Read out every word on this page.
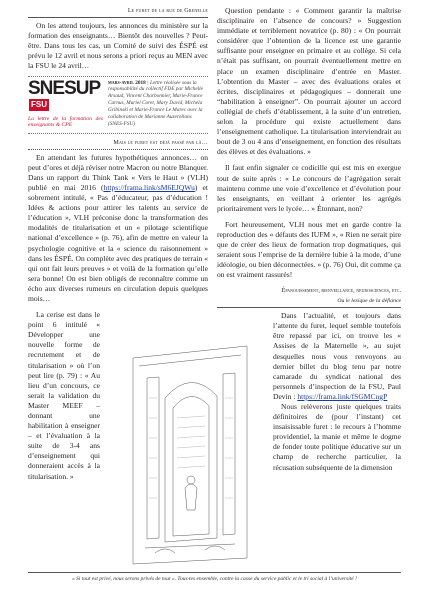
Le furet de la rue de Grenelle

On les attend toujours, les annonces du ministère sur la formation des enseignants… Bientôt des nouvelles ? Peut-être. Dans tous les cas, un Comité de suivi des ÉSPÉ est prévu le 12 avril et nous serons a priori reçus au MEN avec la FSU le 24 avril…

SNESUPFSU
La lettre de la formation des enseignants & CPE
mars-avril 2018 | Lettre réalisée sous la responsabilité du collectif FDE par Michelle Arsaud, Vincent Charbonnier, Marie-France Carnus, Muriel Coret, Mary David, Michela Gribinski et Marie-France Le Marec avec la collaboration de Marianne Auzerollans (SNES-FSU)
Mais le furet est déjà passé par là…

En attendant les futures hypothétiques annonces… on peut d’ores et déjà réviser notre Macron ou notre Blanquer. Dans un rapport du Think Tank « Vers le Haut » (VLH) publié en mai 2016 (https://frama.link/sM6EJQWu) et sobrement intitulé, « Pas d’éducateur, pas d’éducation ! Idées & actions pour attirer les talents au service de l’éducation », VLH préconise donc la transformation des modalités de titularisation et un « pilotage scientifique national d’excellence » (p. 76), afin de mettre en valeur la psychologie cognitive et la « science du raisonnement » dans les ÉSPÉ. On complète avec des pratiques de terrain « qui ont fait leurs preuves » et voilà de la formation qu’elle sera bonne! On est bien obligés de reconnaître comme un écho aux diverses rumeurs en circulation depuis quelques mois…

La cerise est dans le point 6 intitulé « Développer une nouvelle forme de recrutement et de titularisation » où l’on peut lire (p. 79) : « Au lieu d’un concours, ce serait la validation du Master MEEF – donnant une habilitation à enseigner – et l’évaluation à la suite de 3-4 ans d’enseignement qui donneraient accès à la titularisation. »

Question pendante : « Comment garantir la maîtrise disciplinaire en l’absence de concours? » Suggestion immédiate et terriblement novatrice (p. 80) : « On pourrait considérer que l’obtention de la licence est une garantie suffisante pour enseigner en primaire et au collège. Si cela n’était pas suffisant, on pourrait éventuellement mettre en place un examen disciplinaire d’entrée en Master. L’obtention du Master – avec des évaluations orales et écrites, disciplinaires et pédagogiques – donnerait une “habilitation à enseigner”. On pourrait ajouter un accord collégial de chefs d’établissement, à la suite d’un entretien, selon la procédure qui existe actuellement dans l’enseignement catholique. La titularisation interviendrait au bout de 3 ou 4 ans d’enseignement, en fonction des résultats des élèves et des évaluations. »

Il faut enfin signaler ce codicille qui est mis en exergue tout de suite après : « Le concours de l’agrégation serait maintenu comme une voie d’excellence et d’évolution pour les enseignants, en veillant à orienter les agrégés prioritairement vers le lycée… » Étonnant, non?

Fort heureusement, VLH nous met en garde contre la reproduction des « défauts des IUFM », « Rien ne serait pire que de créer des lieux de formation trop dogmatiques, qui seraient sous l’emprise de la dernière lubie à la mode, d’une idéologie, ou bien déconnectées. » (p. 76) Oui, dit comme ça on est vraiment rassurés!

Épanouissement, bienveillance, neurosciences, etc.
Ou le lexique de la défiance

Dans l’actualité, et toujours dans l’attente du furet, lequel semble toutefois être repassé par ici, on trouve les « Assises de la Maternelle », au sujet desquelles nous vous renvoyons au dernier billet du blog tenu par notre camarade du syndicat national des personnels d’inspection de la FSU, Paul Devin : https://frama.link/fSGMCugP

Nous relèverons juste quelques traits définitoires de (pour l’instant) cet insaisissable furet : le recours à l’homme providentiel, la manie et même le dogme de fonder toute politique éducative sur un champ de recherche particulier, la récusation subséquente de la dimension

« Si tout est privé, nous serons privés de tout ». Tous·tes ensemble, contre la casse du service public et le tri social à l’université !
